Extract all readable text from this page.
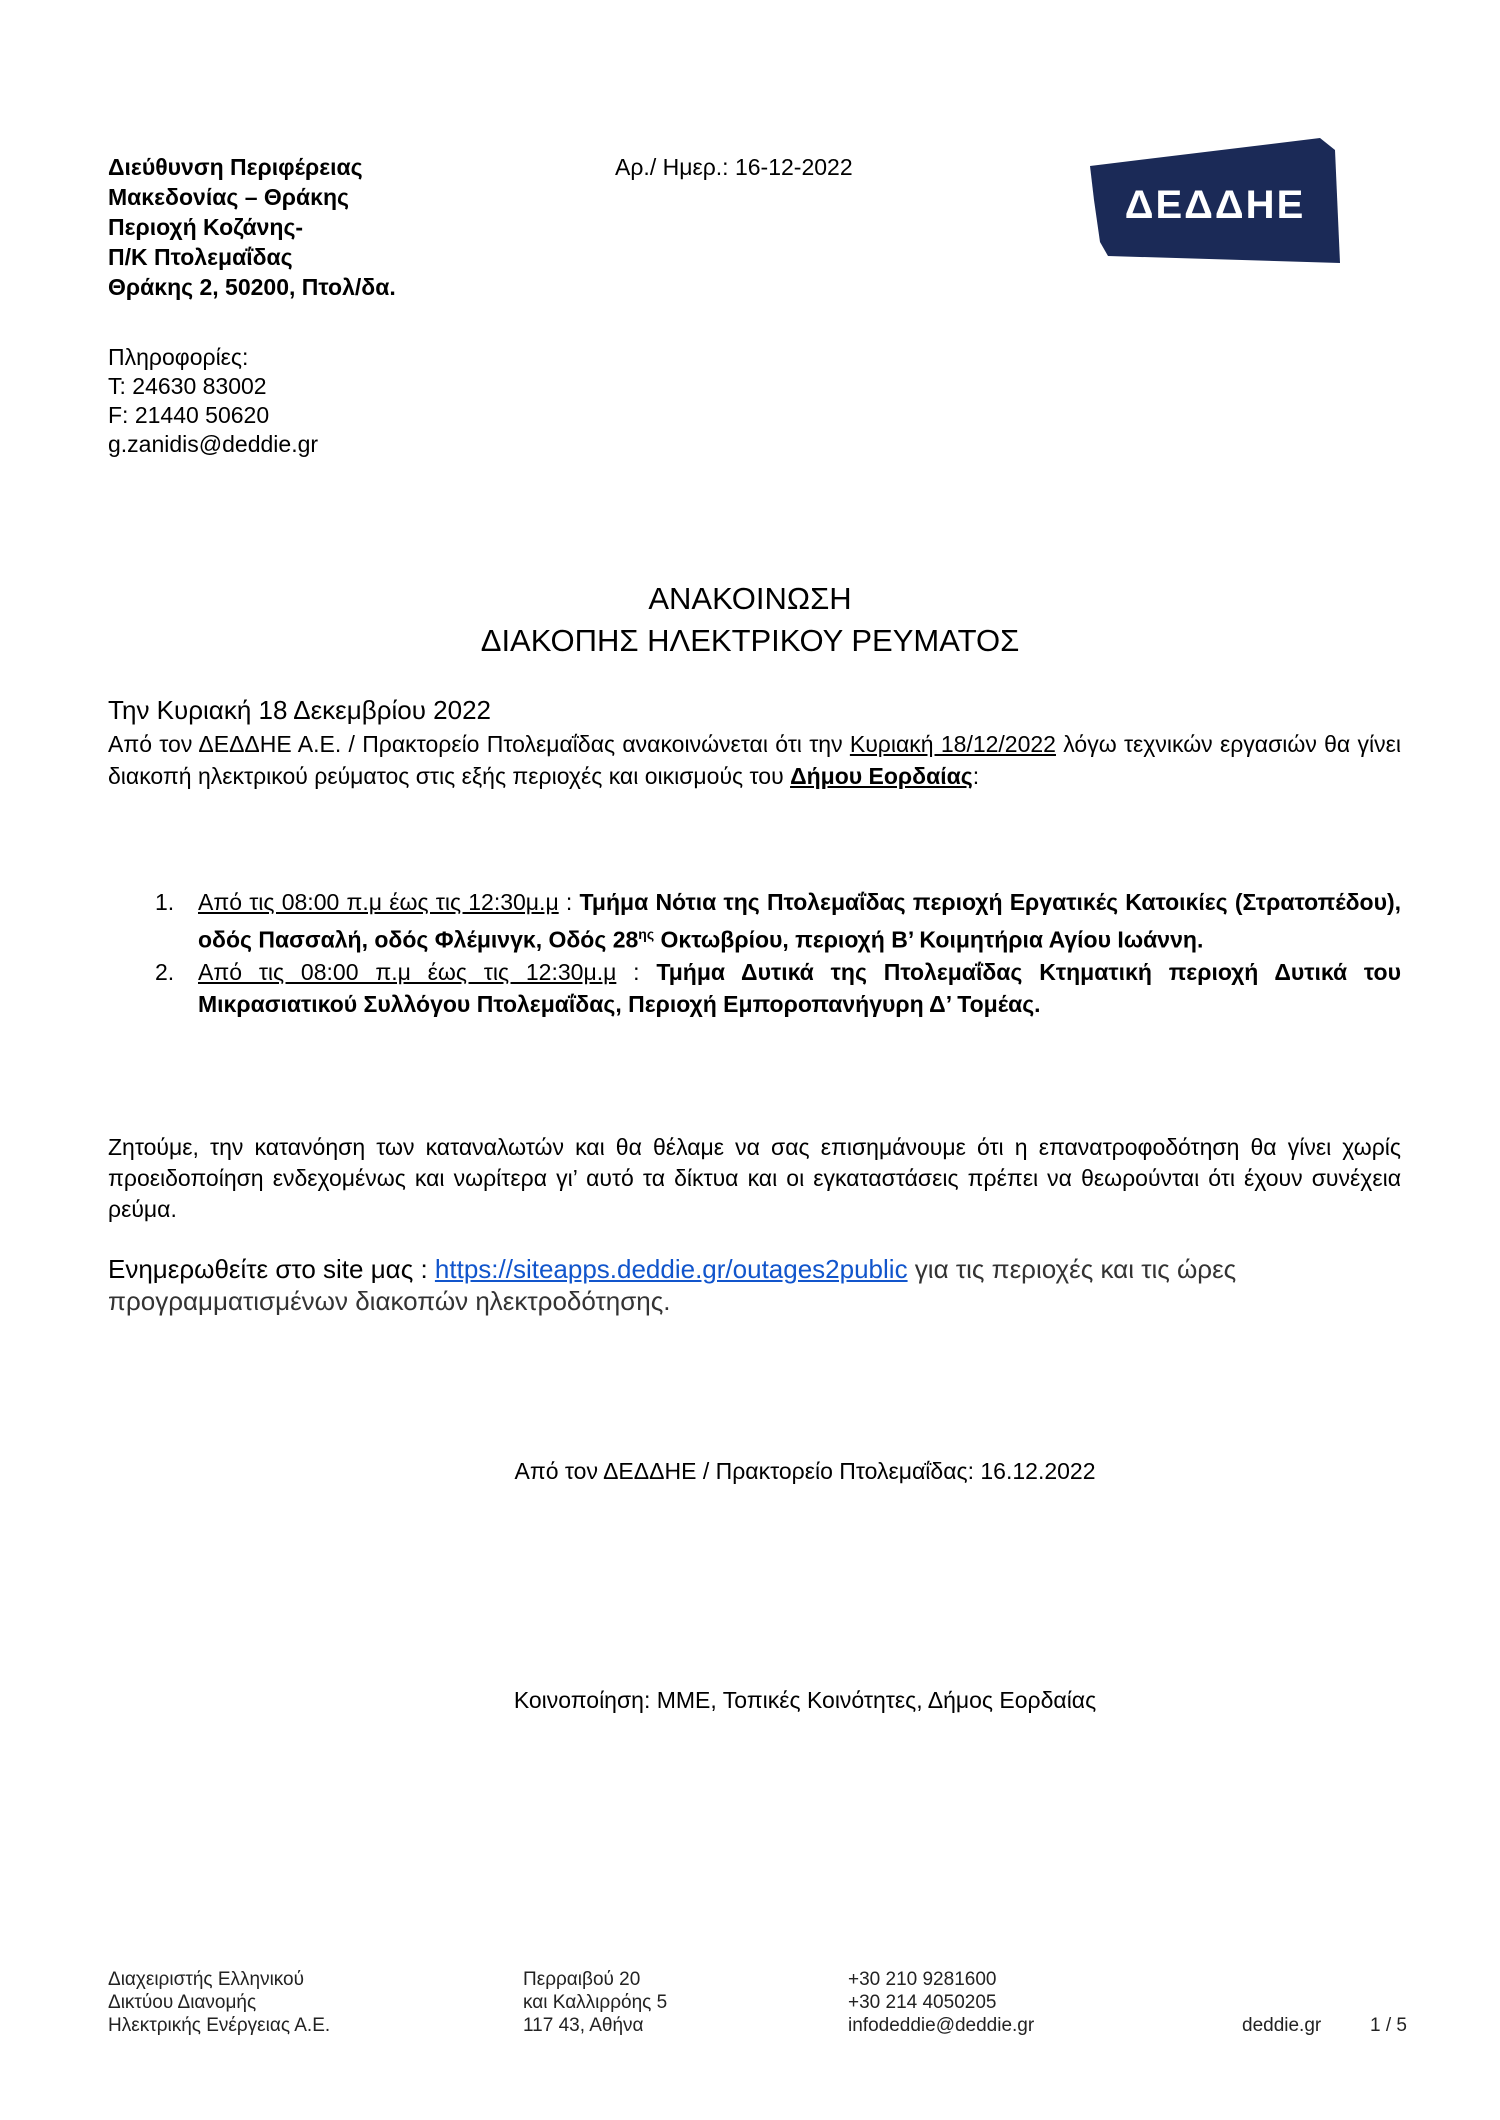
Διεύθυνση Περιφέρειας
Μακεδονίας – Θράκης
Περιοχή Κοζάνης-
Π/Κ Πτολεμαΐδας
Θράκης 2, 50200, Πτολ/δα.
Αρ./ Ημερ.: 16-12-2022
ΔΕΔΔΗΕ
Πληροφορίες:
T: 24630 83002
F: 21440 50620
g.zanidis@deddie.gr
ΑΝΑΚΟΙΝΩΣΗ
ΔΙΑΚΟΠΗΣ ΗΛΕΚΤΡΙΚΟΥ ΡΕΥΜΑΤΟΣ
Την Κυριακή 18 Δεκεμβρίου 2022
Από τον ΔΕΔΔΗΕ Α.Ε. / Πρακτορείο Πτολεμαΐδας ανακοινώνεται ότι την Κυριακή 18/12/2022 λόγω τεχνικών εργασιών θα γίνει διακοπή ηλεκτρικού ρεύματος στις εξής περιοχές και οικισμούς του Δήμου Εορδαίας:
1. Από τις 08:00 π.μ έως τις 12:30μ.μ : Τμήμα Νότια της Πτολεμαΐδας περιοχή Εργατικές Κατοικίες (Στρατοπέδου), οδός Πασσαλή, οδός Φλέμινγκ, Οδός $28^{\eta\varsigma}$ Οκτωβρίου, περιοχή Β’ Κοιμητήρια Αγίου Ιωάννη.
2. Από τις 08:00 π.μ έως τις 12:30μ.μ : Τμήμα Δυτικά της Πτολεμαΐδας Κτηματική περιοχή Δυτικά του Μικρασιατικού Συλλόγου Πτολεμαΐδας, Περιοχή Εμποροπανήγυρη Δ’ Τομέας.
Ζητούμε, την κατανόηση των καταναλωτών και θα θέλαμε να σας επισημάνουμε ότι η επανατροφοδότηση θα γίνει χωρίς προειδοποίηση ενδεχομένως και νωρίτερα γι’ αυτό τα δίκτυα και οι εγκαταστάσεις πρέπει να θεωρούνται ότι έχουν συνέχεια ρεύμα.
Ενημερωθείτε στο site μας : https://siteapps.deddie.gr/outages2public για τις περιοχές και τις ώρες προγραμματισμένων διακοπών ηλεκτροδότησης.
Από τον ΔΕΔΔΗΕ / Πρακτορείο Πτολεμαΐδας: 16.12.2022
Κοινοποίηση: ΜΜΕ, Τοπικές Κοινότητες, Δήμος Εορδαίας
Διαχειριστής Ελληνικού
Δικτύου Διανομής
Ηλεκτρικής Ενέργειας Α.Ε.
Περραιβού 20
και Καλλιρρόης 5
117 43, Αθήνα
+30 210 9281600
+30 214 4050205
infodeddie@deddie.gr	deddie.gr	1 / 5
